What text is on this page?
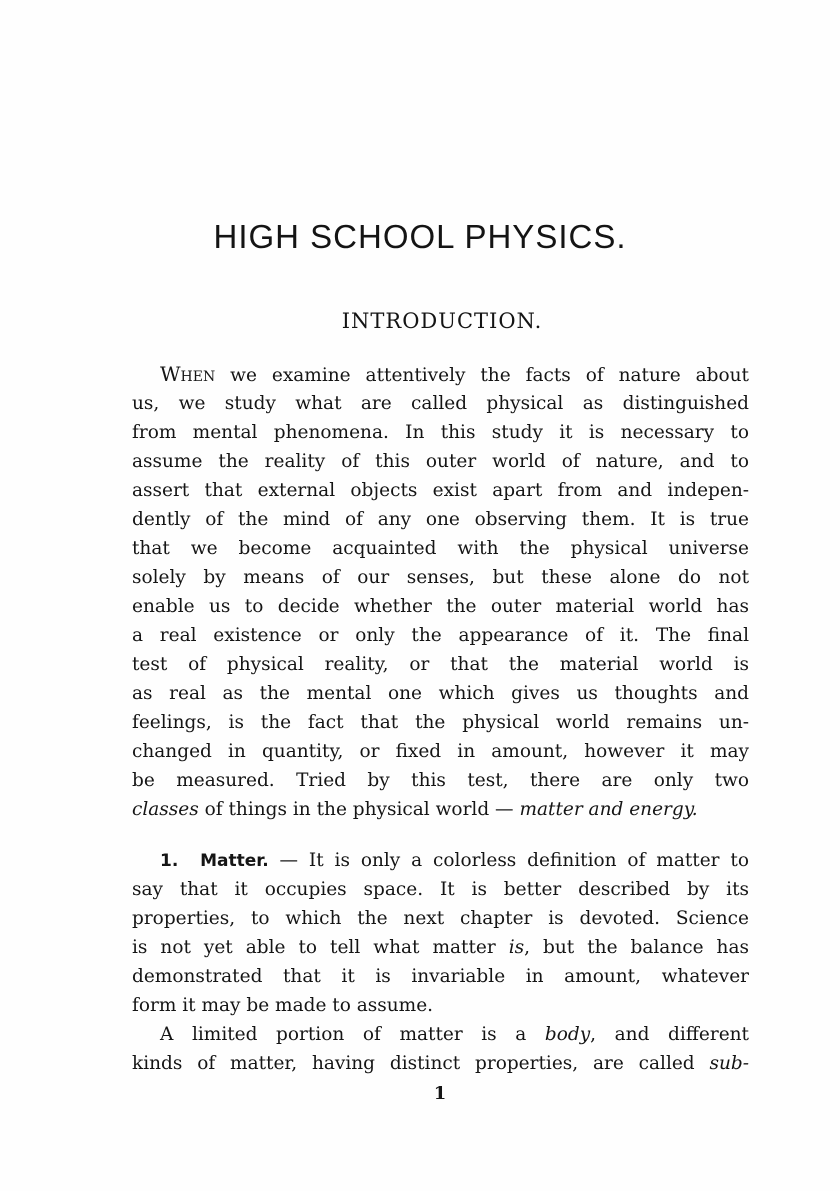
HIGH SCHOOL PHYSICS.
INTRODUCTION.
When we examine attentively the facts of nature about
us, we study what are called physical as distinguished
from mental phenomena. In this study it is necessary to
assume the reality of this outer world of nature, and to
assert that external objects exist apart from and indepen-
dently of the mind of any one observing them. It is true
that we become acquainted with the physical universe
solely by means of our senses, but these alone do not
enable us to decide whether the outer material world has
a real existence or only the appearance of it. The final
test of physical reality, or that the material world is
as real as the mental one which gives us thoughts and
feelings, is the fact that the physical world remains un-
changed in quantity, or fixed in amount, however it may
be measured. Tried by this test, there are only two
classes of things in the physical world — matter and energy.
1. Matter. — It is only a colorless definition of matter to
say that it occupies space. It is better described by its
properties, to which the next chapter is devoted. Science
is not yet able to tell what matter is, but the balance has
demonstrated that it is invariable in amount, whatever
form it may be made to assume.
A limited portion of matter is a body, and different
kinds of matter, having distinct properties, are called sub-
1
